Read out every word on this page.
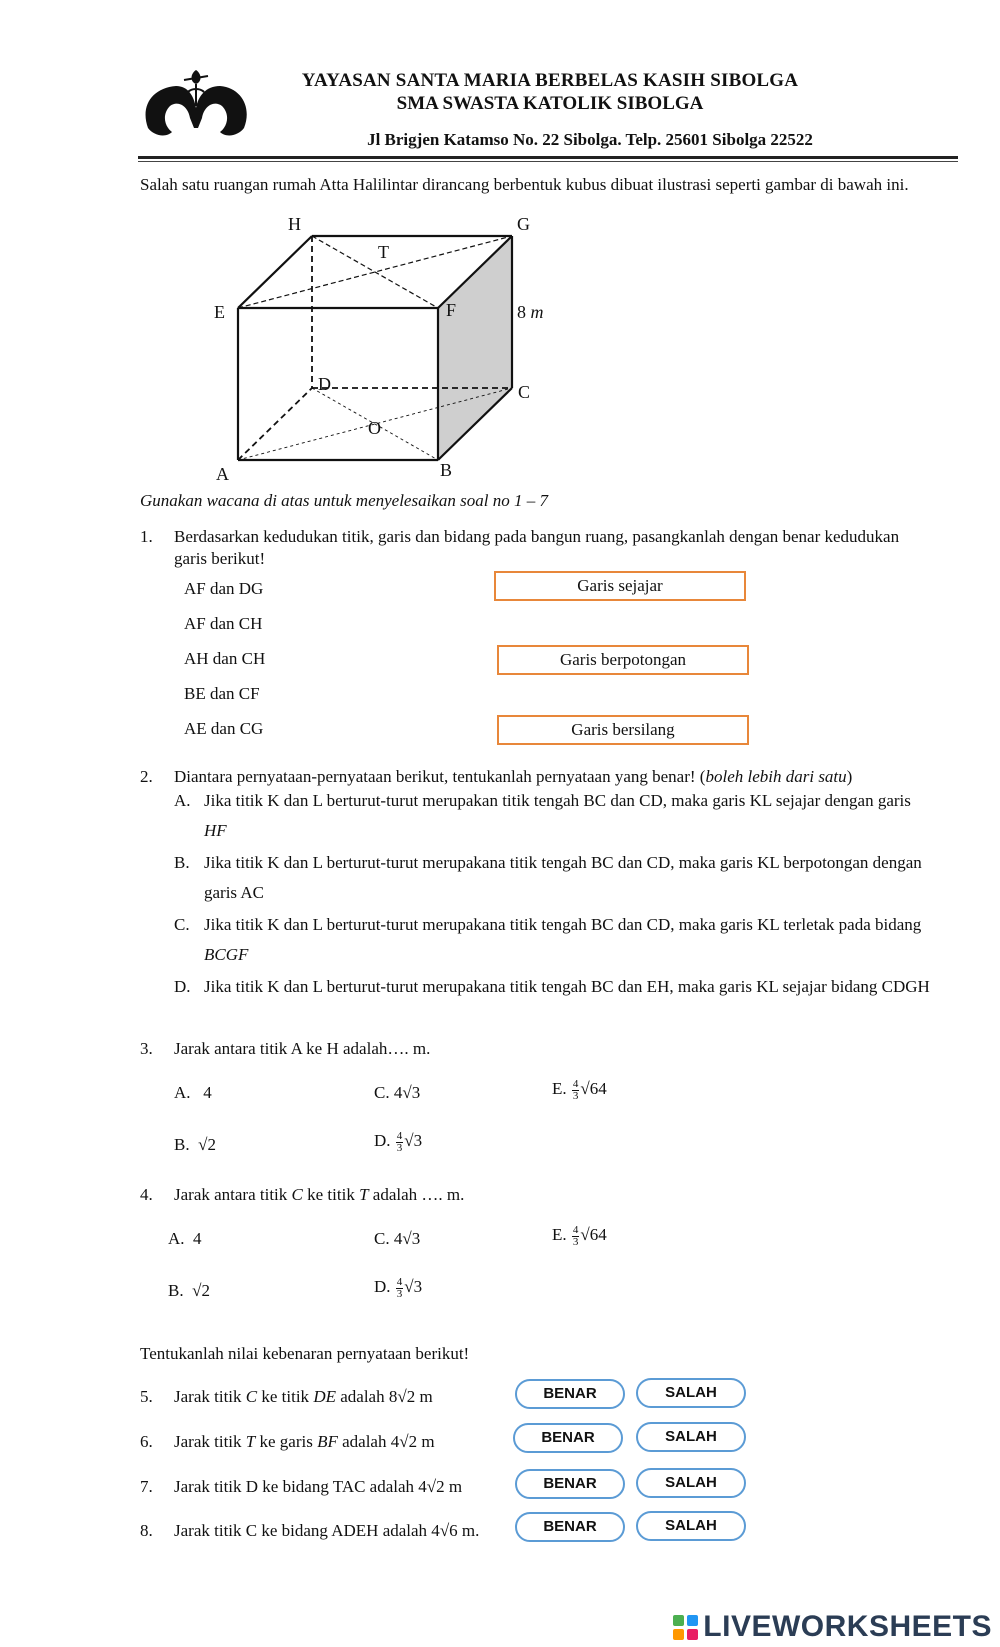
YAYASAN SANTA MARIA BERBELAS KASIH SIBOLGA
SMA SWASTA KATOLIK SIBOLGA
Jl Brigjen Katamso No. 22 Sibolga. Telp. 25601 Sibolga 22522
Salah satu ruangan rumah Atta Halilintar dirancang berbentuk kubus dibuat ilustrasi seperti gambar di bawah ini.
H	G
T
E	F	8 m
D	C
O
A	B
Gunakan wacana di atas untuk menyelesaikan soal no 1 – 7
1. Berdasarkan kedudukan titik, garis dan bidang pada bangun ruang, pasangkanlah dengan benar kedudukan
garis berikut!
AF dan DG
AF dan CH
AH dan CH
BE dan CF
AE dan CG
Garis sejajar
Garis berpotongan
Garis bersilang
2. Diantara pernyataan-pernyataan berikut, tentukanlah pernyataan yang benar! (boleh lebih dari satu)
A. Jika titik K dan L berturut-turut merupakan titik tengah BC dan CD, maka garis KL sejajar dengan garis
HF
B. Jika titik K dan L berturut-turut merupakana titik tengah BC dan CD, maka garis KL berpotongan dengan
garis AC
C. Jika titik K dan L berturut-turut merupakana titik tengah BC dan CD, maka garis KL terletak pada bidang
BCGF
D. Jika titik K dan L berturut-turut merupakana titik tengah BC dan EH, maka garis KL sejajar bidang CDGH
3. Jarak antara titik A ke H adalah…. m.
A. 4	C. 4√3	E. $\frac{4}{3} √64$
B.  √2	D. $\frac{4}{3} √3$
4. Jarak antara titik C ke titik T adalah …. m.
A. 4	C. 4√3	E. $\frac{4}{3} √64$
B.  √2	D. $\frac{4}{3} √3$
Tentukanlah nilai kebenaran pernyataan berikut!
5. Jarak titik C ke titik DE adalah 8√2 m	BENAR	SALAH
6. Jarak titik T ke garis BF adalah 4√2 m	BENAR	SALAH
7. Jarak titik D ke bidang TAC adalah 4√2 m	BENAR	SALAH
8. Jarak titik C ke bidang ADEH adalah 4√6 m.	BENAR	SALAH
LIVEWORKSHEETS
